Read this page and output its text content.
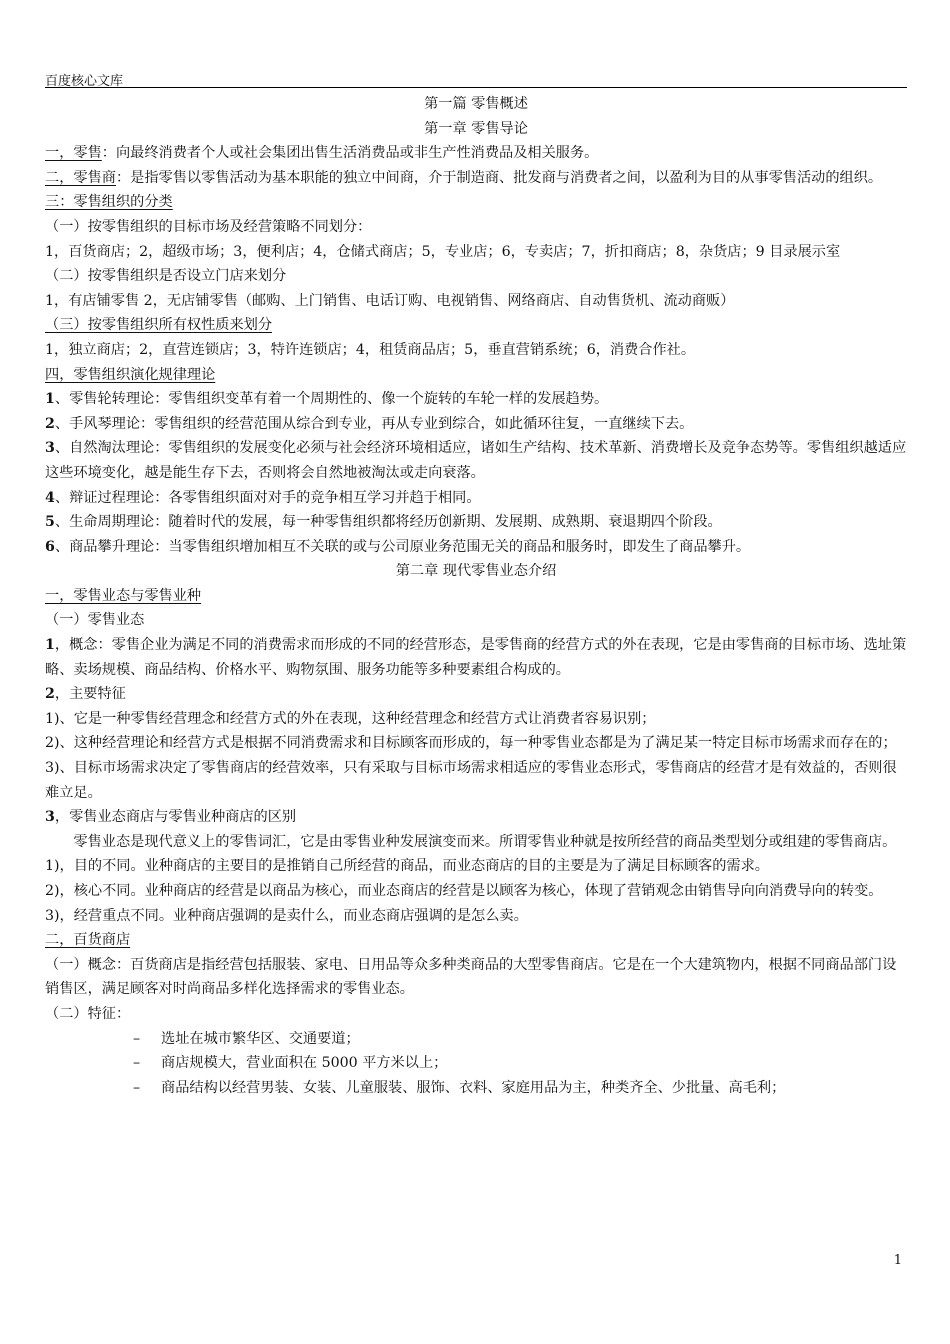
百度核心文库

第一篇 零售概述

第一章 零售导论

一，零售：向最终消费者个人或社会集团出售生活消费品或非生产性消费品及相关服务。

二，零售商：是指零售以零售活动为基本职能的独立中间商，介于制造商、批发商与消费者之间，以盈利为目的从事零售活动的组织。

三：零售组织的分类

（一）按零售组织的目标市场及经营策略不同划分：

1，百货商店；2，超级市场；3，便利店；4，仓储式商店；5，专业店；6，专卖店；7，折扣商店；8，杂货店；9 目录展示室

（二）按零售组织是否设立门店来划分

1，有店铺零售 2，无店铺零售（邮购、上门销售、电话订购、电视销售、网络商店、自动售货机、流动商贩）

（三）按零售组织所有权性质来划分

1，独立商店；2，直营连锁店；3，特许连锁店；4，租赁商品店；5，垂直营销系统；6，消费合作社。

四，零售组织演化规律理论

1、零售轮转理论：零售组织变革有着一个周期性的、像一个旋转的车轮一样的发展趋势。

2、手风琴理论：零售组织的经营范围从综合到专业，再从专业到综合，如此循环往复，一直继续下去。

3、自然淘汰理论：零售组织的发展变化必须与社会经济环境相适应，诸如生产结构、技术革新、消费增长及竞争态势等。零售组织越适应这些环境变化，越是能生存下去，否则将会自然地被淘汰或走向衰落。

4、辩证过程理论：各零售组织面对对手的竞争相互学习并趋于相同。

5、生命周期理论：随着时代的发展，每一种零售组织都将经历创新期、发展期、成熟期、衰退期四个阶段。

6、商品攀升理论：当零售组织增加相互不关联的或与公司原业务范围无关的商品和服务时，即发生了商品攀升。

第二章 现代零售业态介绍

一，零售业态与零售业种

（一）零售业态

1，概念：零售企业为满足不同的消费需求而形成的不同的经营形态，是零售商的经营方式的外在表现，它是由零售商的目标市场、选址策略、卖场规模、商品结构、价格水平、购物氛围、服务功能等多种要素组合构成的。

2，主要特征

1)、它是一种零售经营理念和经营方式的外在表现，这种经营理念和经营方式让消费者容易识别；

2)、这种经营理论和经营方式是根据不同消费需求和目标顾客而形成的，每一种零售业态都是为了满足某一特定目标市场需求而存在的；

3)、目标市场需求决定了零售商店的经营效率，只有采取与目标市场需求相适应的零售业态形式，零售商店的经营才是有效益的，否则很难立足。

3，零售业态商店与零售业种商店的区别

零售业态是现代意义上的零售词汇，它是由零售业种发展演变而来。所谓零售业种就是按所经营的商品类型划分或组建的零售商店。

1)，目的不同。业种商店的主要目的是推销自己所经营的商品，而业态商店的目的主要是为了满足目标顾客的需求。

2)，核心不同。业种商店的经营是以商品为核心，而业态商店的经营是以顾客为核心，体现了营销观念由销售导向向消费导向的转变。

3)，经营重点不同。业种商店强调的是卖什么，而业态商店强调的是怎么卖。

二，百货商店

（一）概念：百货商店是指经营包括服装、家电、日用品等众多种类商品的大型零售商店。它是在一个大建筑物内，根据不同商品部门设销售区，满足顾客对时尚商品多样化选择需求的零售业态。

（二）特征：

–	选址在城市繁华区、交通要道；

–	商店规模大，营业面积在 5000 平方米以上；

–	商品结构以经营男装、女装、儿童服装、服饰、衣料、家庭用品为主，种类齐全、少批量、高毛利；

1
